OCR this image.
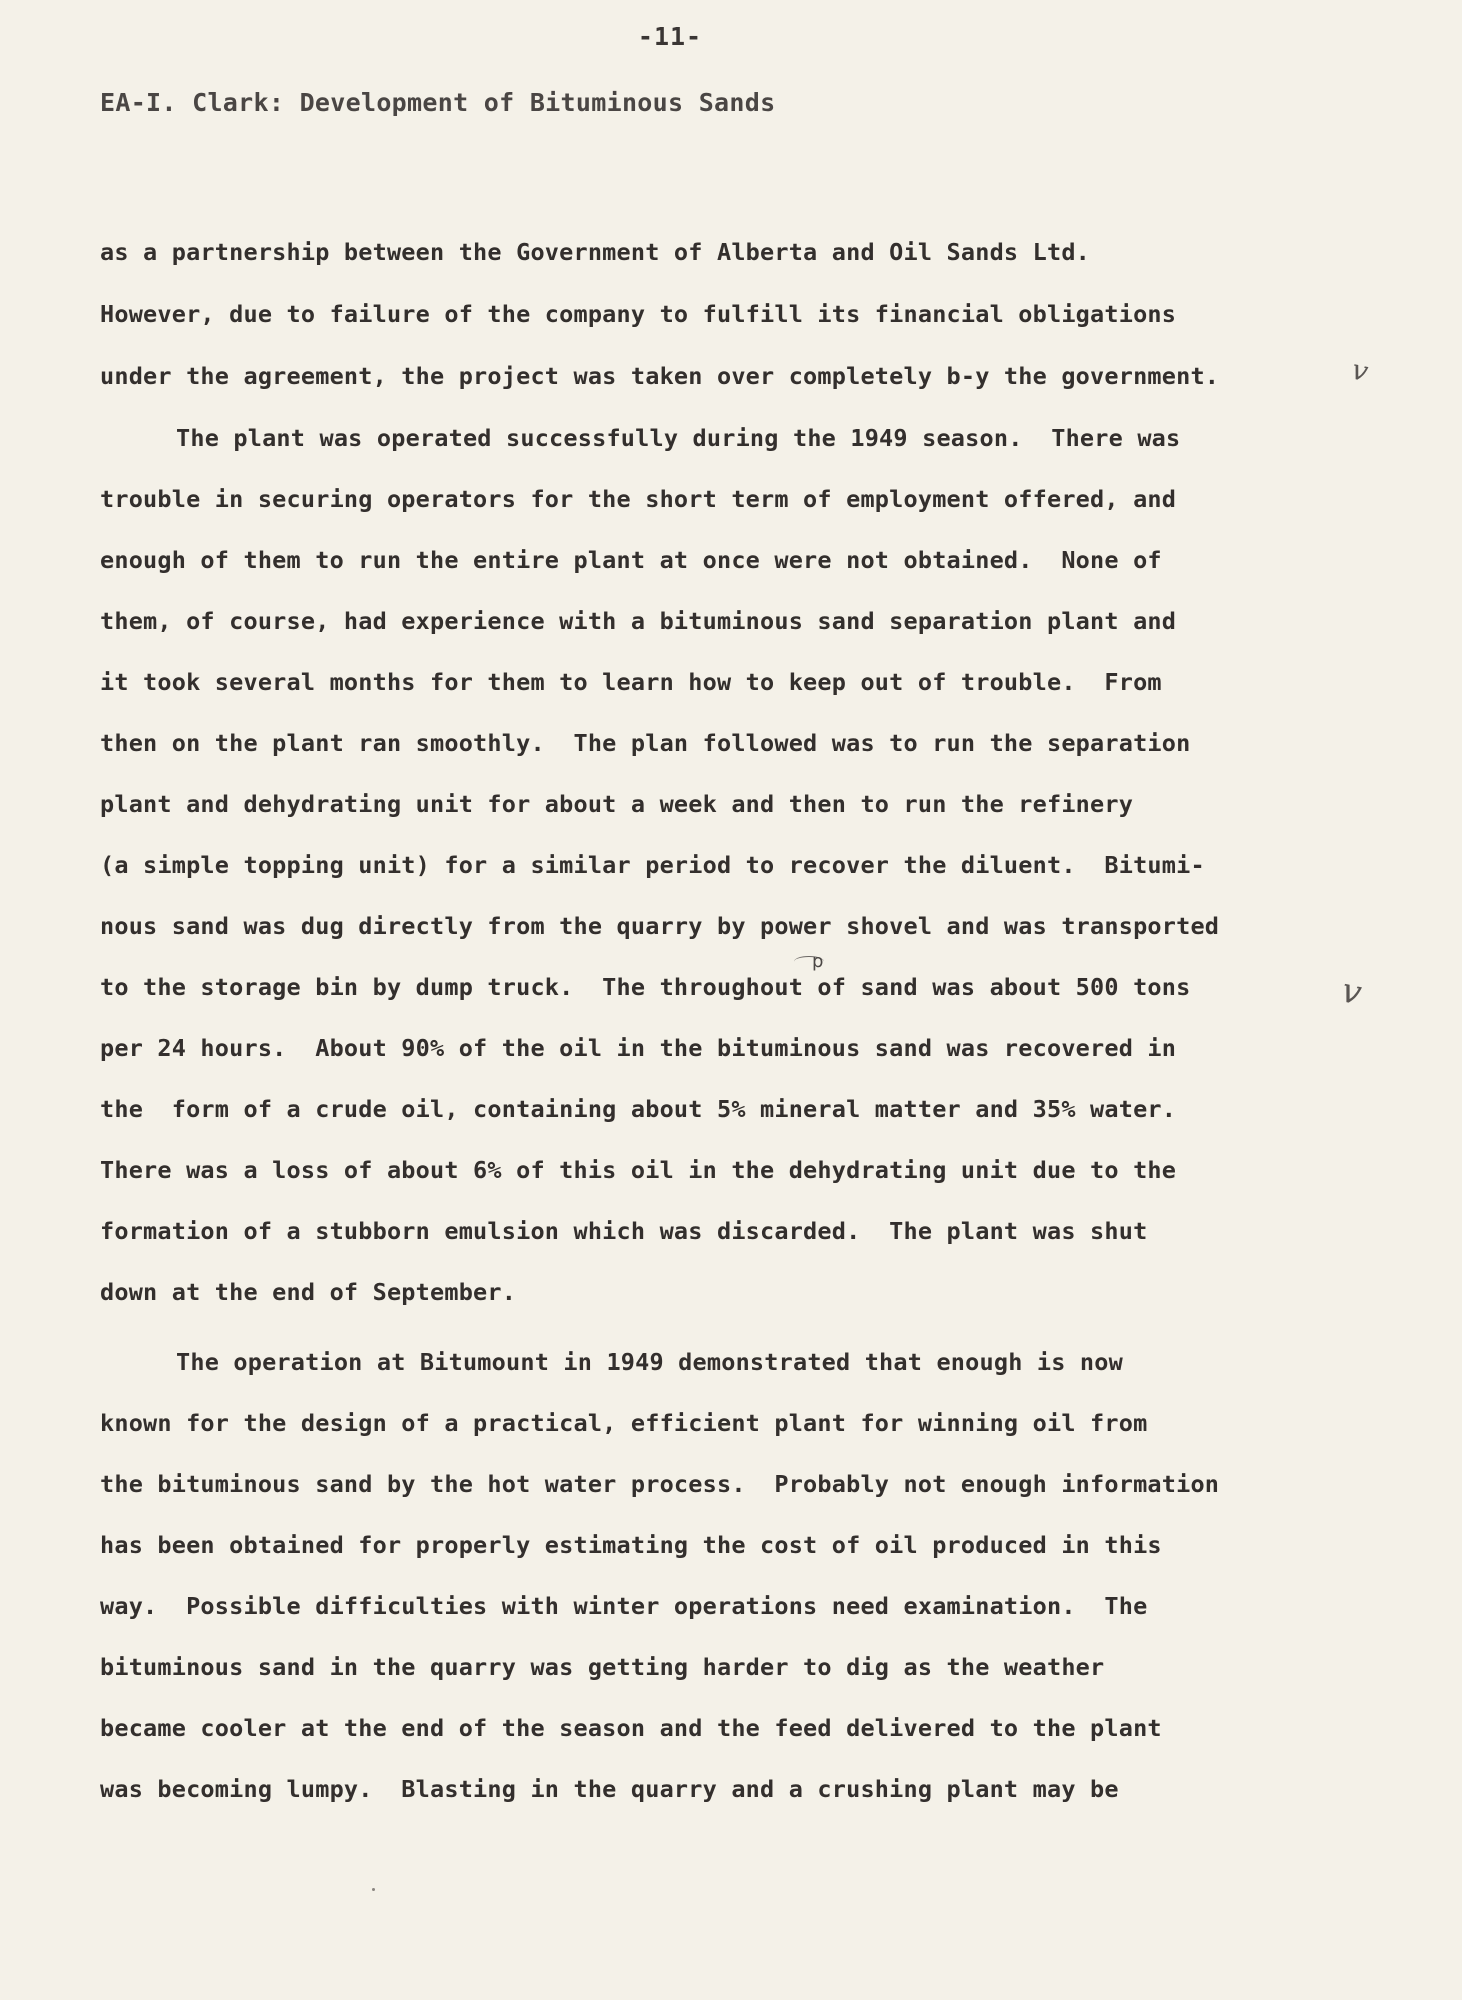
-11-
EA-I. Clark: Development of Bituminous Sands
as a partnership between the Government of Alberta and Oil Sands Ltd.
However, due to failure of the company to fulfill its financial obligations
under the agreement, the project was taken over completely b-y the government.
The plant was operated successfully during the 1949 season.  There was
trouble in securing operators for the short term of employment offered, and
enough of them to run the entire plant at once were not obtained.  None of
them, of course, had experience with a bituminous sand separation plant and
it took several months for them to learn how to keep out of trouble.  From
then on the plant ran smoothly.  The plan followed was to run the separation
plant and dehydrating unit for about a week and then to run the refinery
(a simple topping unit) for a similar period to recover the diluent.  Bitumi-
nous sand was dug directly from the quarry by power shovel and was transported
to the storage bin by dump truck.  The throughout of sand was about 500 tons
per 24 hours.  About 90% of the oil in the bituminous sand was recovered in
the  form of a crude oil, containing about 5% mineral matter and 35% water.
There was a loss of about 6% of this oil in the dehydrating unit due to the
formation of a stubborn emulsion which was discarded.  The plant was shut
down at the end of September.
The operation at Bitumount in 1949 demonstrated that enough is now
known for the design of a practical, efficient plant for winning oil from
the bituminous sand by the hot water process.  Probably not enough information
has been obtained for properly estimating the cost of oil produced in this
way.  Possible difficulties with winter operations need examination.  The
bituminous sand in the quarry was getting harder to dig as the weather
became cooler at the end of the season and the feed delivered to the plant
was becoming lumpy.  Blasting in the quarry and a crushing plant may be
v
v
p
